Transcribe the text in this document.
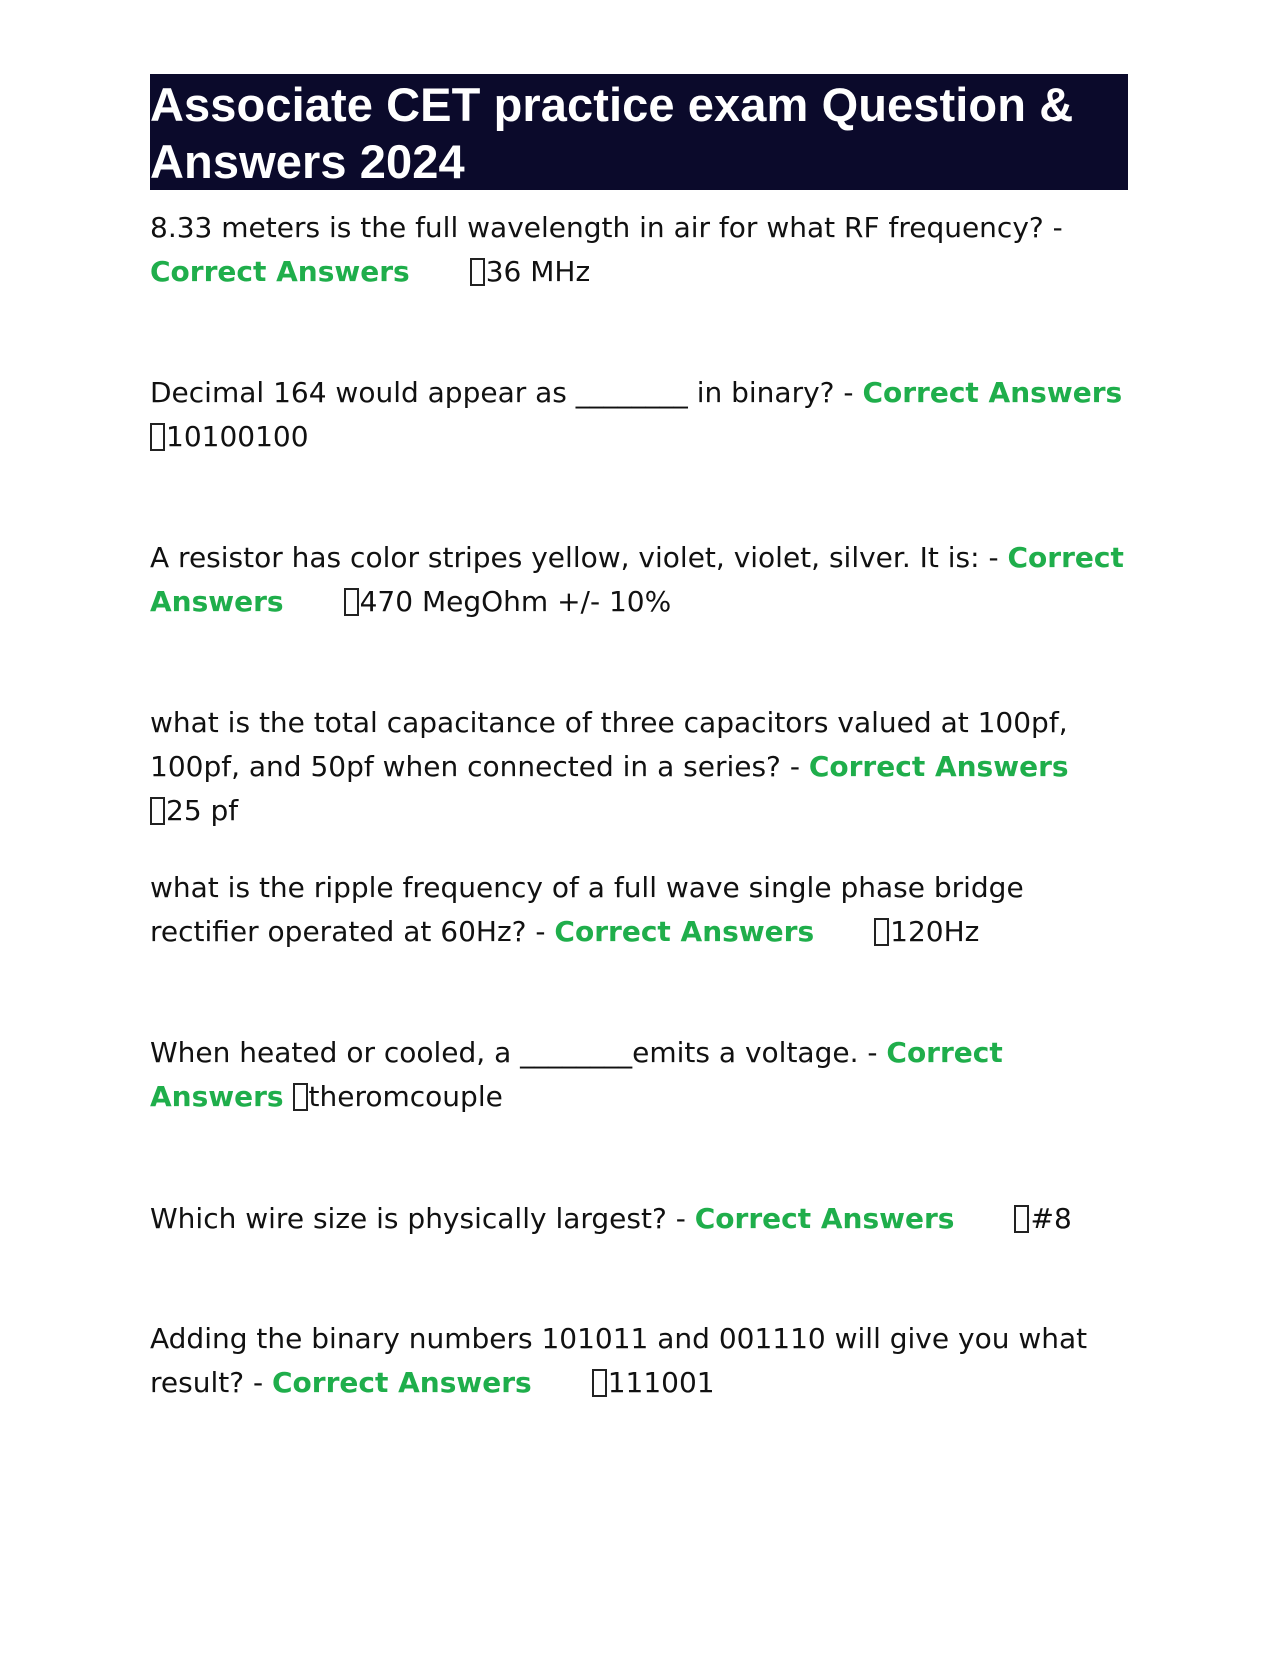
Associate CET practice exam Question & Answers 2024

8.33 meters is the full wavelength in air for what RF frequency? - Correct Answers	36 MHz

Decimal 164 would appear as ________ in binary? - Correct Answers 10100100

A resistor has color stripes yellow, violet, violet, silver. It is: - Correct Answers	470 MegOhm +/- 10%

what is the total capacitance of three capacitors valued at 100pf, 100pf, and 50pf when connected in a series? - Correct Answers25 pf

what is the ripple frequency of a full wave single phase bridge rectifier operated at 60Hz? - Correct Answers	120Hz

When heated or cooled, a ________emits a voltage. - Correct Answers theromcouple

Which wire size is physically largest? - Correct Answers	#8

Adding the binary numbers 101011 and 001110 will give you what result? - Correct Answers	111001
